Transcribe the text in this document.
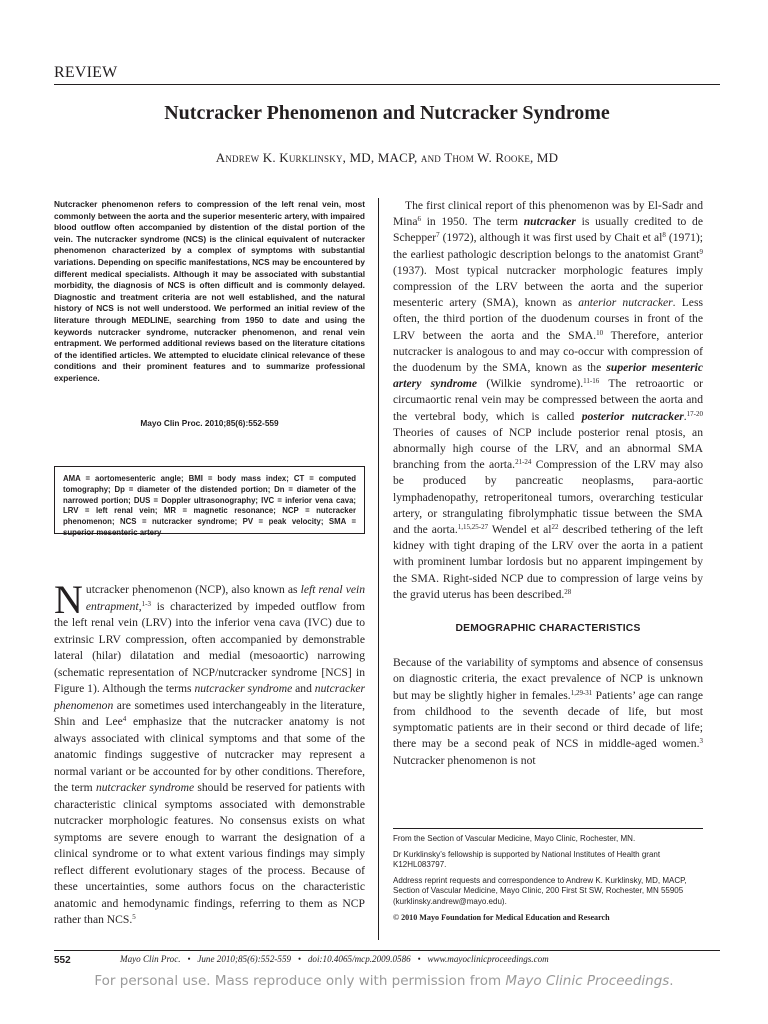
REVIEW
Nutcracker Phenomenon and Nutcracker Syndrome
Andrew K. Kurklinsky, MD, MACP, and Thom W. Rooke, MD
Nutcracker phenomenon refers to compression of the left renal vein, most commonly between the aorta and the superior mesenteric artery, with impaired blood outflow often accompanied by distention of the distal portion of the vein. The nutcracker syndrome (NCS) is the clinical equivalent of nutcracker phenomenon characterized by a complex of symptoms with substantial variations. Depending on specific manifestations, NCS may be encountered by different medical specialists. Although it may be associated with substantial morbidity, the diagnosis of NCS is often difficult and is commonly delayed. Diagnostic and treatment criteria are not well established, and the natural history of NCS is not well understood. We performed an initial review of the literature through MEDLINE, searching from 1950 to date and using the keywords nutcracker syndrome, nutcracker phenomenon, and renal vein entrapment. We performed additional reviews based on the literature citations of the identified articles. We attempted to elucidate clinical relevance of these conditions and their prominent features and to summarize professional experience.
Mayo Clin Proc. 2010;85(6):552-559
AMA = aortomesenteric angle; BMI = body mass index; CT = computed tomography; Dp = diameter of the distended portion; Dn = diameter of the narrowed portion; DUS = Doppler ultrasonography; IVC = inferior vena cava; LRV = left renal vein; MR = magnetic resonance; NCP = nutcracker phenomenon; NCS = nutcracker syndrome; PV = peak velocity; SMA = superior mesenteric artery
Nutcracker phenomenon (NCP), also known as left renal vein entrapment,$^{1-3}$ is characterized by impeded outflow from the left renal vein (LRV) into the inferior vena cava (IVC) due to extrinsic LRV compression, often accompanied by demonstrable lateral (hilar) dilatation and medial (mesoaortic) narrowing (schematic representation of NCP/nutcracker syndrome [NCS] in Figure 1). Although the terms nutcracker syndrome and nutcracker phenomenon are sometimes used interchangeably in the literature, Shin and Lee$^4$ emphasize that the nutcracker anatomy is not always associated with clinical symptoms and that some of the anatomic findings suggestive of nutcracker may represent a normal variant or be accounted for by other conditions. Therefore, the term nutcracker syndrome should be reserved for patients with characteristic clinical symptoms associated with demonstrable nutcracker morphologic features. No consensus exists on what symptoms are severe enough to warrant the designation of a clinical syndrome or to what extent various findings may simply reflect different evolutionary stages of the process. Because of these uncertainties, some authors focus on the characteristic anatomic and hemodynamic findings, referring to them as NCP rather than NCS.$^5$

The first clinical report of this phenomenon was by El-Sadr and Mina$^6$ in 1950. The term nutcracker is usually credited to de Schepper$^7$ (1972), although it was first used by Chait et $al^8$ (1971); the earliest pathologic description belongs to the anatomist Grant$^9$ (1937). Most typical nutcracker morphologic features imply compression of the LRV between the aorta and the superior mesenteric artery (SMA), known as anterior nutcracker. Less often, the third portion of the duodenum courses in front of the LRV between the aorta and the SMA.$^{10}$ Therefore, anterior nutcracker is analogous to and may co-occur with compression of the duodenum by the SMA, known as the superior mesenteric artery syndrome (Wilkie syndrome).$^{11-16}$ The retroaortic or circumaortic renal vein may be compressed between the aorta and the vertebral body, which is called posterior nutcracker.$^{17-20}$ Theories of causes of NCP include posterior renal ptosis, an abnormally high course of the LRV, and an abnormal SMA branching from the aorta.$^{21-24}$ Compression of the LRV may also be produced by pancreatic neoplasms, para-aortic lymphadenopathy, retroperitoneal tumors, overarching testicular artery, or strangulating fibrolymphatic tissue between the SMA and the aorta.$^{1,15,25-27}$ Wendel et $al^{22}$ described tethering of the left kidney with tight draping of the LRV over the aorta in a patient with prominent lumbar lordosis but no apparent impingement by the SMA. Right-sided NCP due to compression of large veins by the gravid uterus has been described.$^{28}$

DEMOGRAPHIC CHARACTERISTICS

Because of the variability of symptoms and absence of consensus on diagnostic criteria, the exact prevalence of NCP is unknown but may be slightly higher in females.$^{1,29-31}$ Patients’ age can range from childhood to the seventh decade of life, but most symptomatic patients are in their second or third decade of life; there may be a second peak of NCS in middle-aged women.$^3$ Nutcracker phenomenon is not

From the Section of Vascular Medicine, Mayo Clinic, Rochester, MN.

Dr Kurklinsky’s fellowship is supported by National Institutes of Health grant K12HL083797.

Address reprint requests and correspondence to Andrew K. Kurklinsky, MD, MACP, Section of Vascular Medicine, Mayo Clinic, 200 First St SW, Rochester, MN 55905 (kurklinsky.andrew@mayo.edu).

© 2010 Mayo Foundation for Medical Education and Research

552	Mayo Clin Proc.   •   June 2010;85(6):552-559   •   doi:10.4065/mcp.2009.0586   •   www.mayoclinicproceedings.com
For personal use. Mass reproduce only with permission from Mayo Clinic Proceedings.
